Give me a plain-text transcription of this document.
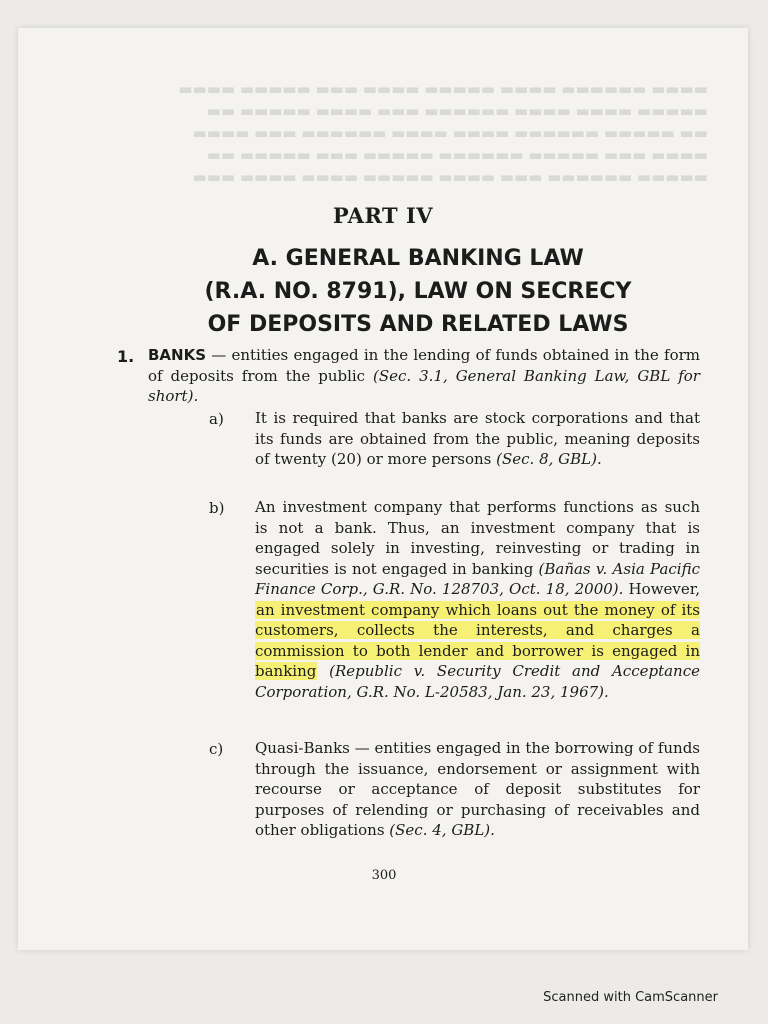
▬▬▬▬ ▬▬▬▬▬▬ ▬▬▬▬ ▬▬▬▬▬ ▬▬▬▬ ▬▬▬ ▬▬▬▬▬ ▬▬▬▬
▬▬▬▬▬ ▬▬▬▬ ▬▬▬▬ ▬▬▬▬▬▬ ▬▬▬ ▬▬▬▬ ▬▬▬▬▬ ▬▬
▬▬ ▬▬▬▬▬ ▬▬▬▬▬▬ ▬▬▬▬ ▬▬▬▬ ▬▬▬▬▬▬ ▬▬▬ ▬▬▬▬
▬▬▬▬ ▬▬▬ ▬▬▬▬▬ ▬▬▬▬▬▬ ▬▬▬▬▬ ▬▬▬ ▬▬▬▬▬ ▬▬
▬▬▬▬▬ ▬▬▬▬▬▬ ▬▬▬ ▬▬▬▬ ▬▬▬▬▬ ▬▬▬▬ ▬▬▬▬ ▬▬▬
PART IV
A. GENERAL BANKING LAW
(R.A. NO. 8791), LAW ON SECRECY
OF DEPOSITS AND RELATED LAWS
1. BANKS — entities engaged in the lending of funds obtained in the form of deposits from the public (Sec. 3.1, General Banking Law, GBL for short).
a) It is required that banks are stock corporations and that its funds are obtained from the public, meaning deposits of twenty (20) or more persons (Sec. 8, GBL).
b) An investment company that performs functions as such is not a bank. Thus, an investment company that is engaged solely in investing, reinvesting or trading in securities is not engaged in banking (Bañas v. Asia Pacific Finance Corp., G.R. No. 128703, Oct. 18, 2000). However, an investment company which loans out the money of its customers, collects the interests, and charges a commission to both lender and borrower is engaged in banking (Republic v. Security Credit and Acceptance Corporation, G.R. No. L-20583, Jan. 23, 1967).
c) Quasi-Banks — entities engaged in the borrowing of funds through the issuance, endorsement or assignment with recourse or acceptance of deposit substitutes for purposes of relending or purchasing of receivables and other obligations (Sec. 4, GBL).
300
Scanned with CamScanner
